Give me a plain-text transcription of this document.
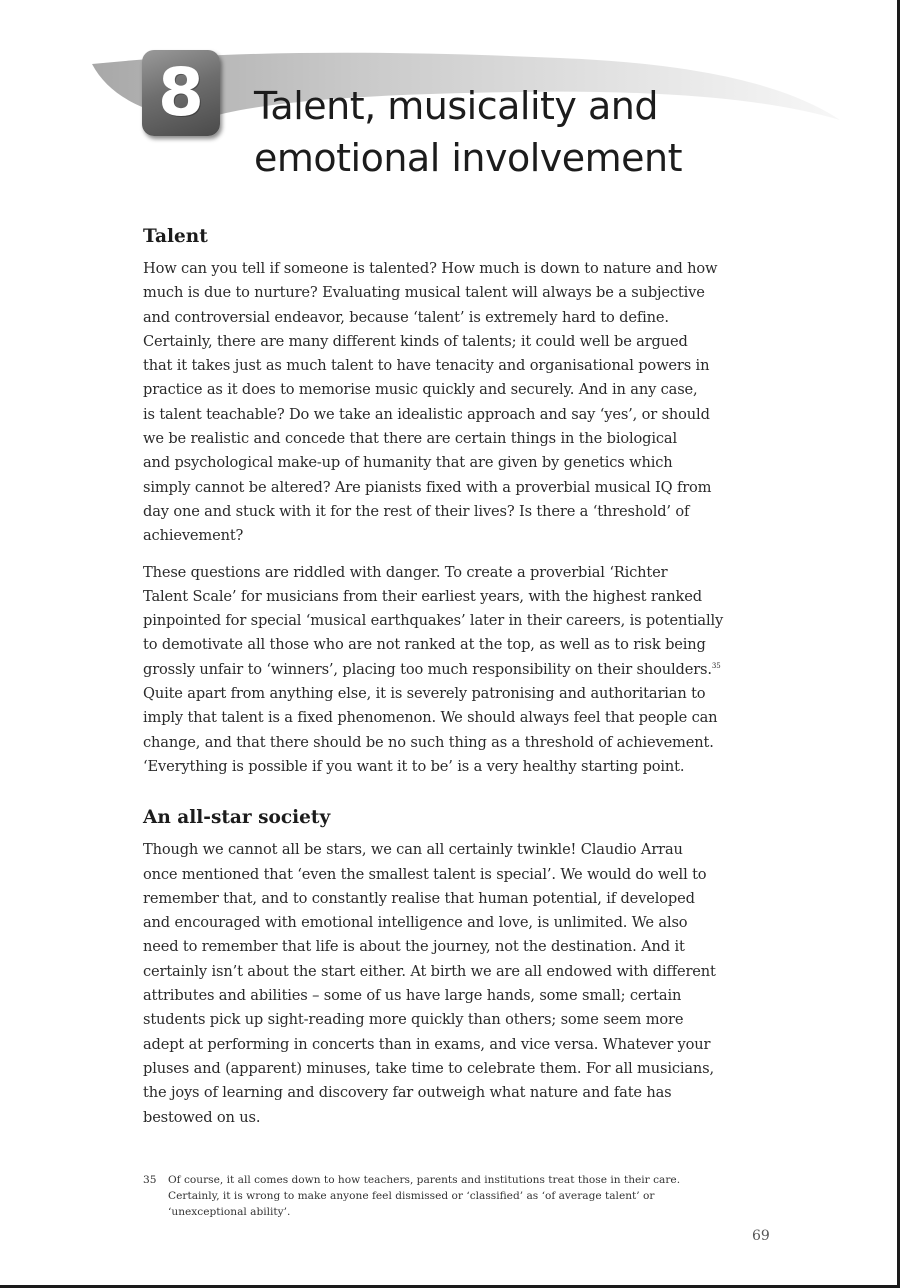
8 Talent, musicality and
emotional involvement
Talent

How can you tell if someone is talented? How much is down to nature and how
much is due to nurture? Evaluating musical talent will always be a subjective
and controversial endeavor, because ‘talent’ is extremely hard to define.
Certainly, there are many different kinds of talents; it could well be argued
that it takes just as much talent to have tenacity and organisational powers in
practice as it does to memorise music quickly and securely. And in any case,
is talent teachable? Do we take an idealistic approach and say ‘yes’, or should
we be realistic and concede that there are certain things in the biological
and psychological make-up of humanity that are given by genetics which
simply cannot be altered? Are pianists fixed with a proverbial musical IQ from
day one and stuck with it for the rest of their lives? Is there a ‘threshold’ of
achievement?

These questions are riddled with danger. To create a proverbial ‘Richter
Talent Scale’ for musicians from their earliest years, with the highest ranked
pinpointed for special ‘musical earthquakes’ later in their careers, is potentially
to demotivate all those who are not ranked at the top, as well as to risk being
grossly unfair to ‘winners’, placing too much responsibility on their shoulders.$^{35}$
Quite apart from anything else, it is severely patronising and authoritarian to
imply that talent is a fixed phenomenon. We should always feel that people can
change, and that there should be no such thing as a threshold of achievement.
‘Everything is possible if you want it to be’ is a very healthy starting point.

An all-star society

Though we cannot all be stars, we can all certainly twinkle! Claudio Arrau
once mentioned that ‘even the smallest talent is special’. We would do well to
remember that, and to constantly realise that human potential, if developed
and encouraged with emotional intelligence and love, is unlimited. We also
need to remember that life is about the journey, not the destination. And it
certainly isn’t about the start either. At birth we are all endowed with different
attributes and abilities – some of us have large hands, some small; certain
students pick up sight-reading more quickly than others; some seem more
adept at performing in concerts than in exams, and vice versa. Whatever your
pluses and (apparent) minuses, take time to celebrate them. For all musicians,
the joys of learning and discovery far outweigh what nature and fate has
bestowed on us.

35 Of course, it all comes down to how teachers, parents and institutions treat those in their care.
Certainly, it is wrong to make anyone feel dismissed or ‘classified’ as ‘of average talent’ or
‘unexceptional ability’.
69
